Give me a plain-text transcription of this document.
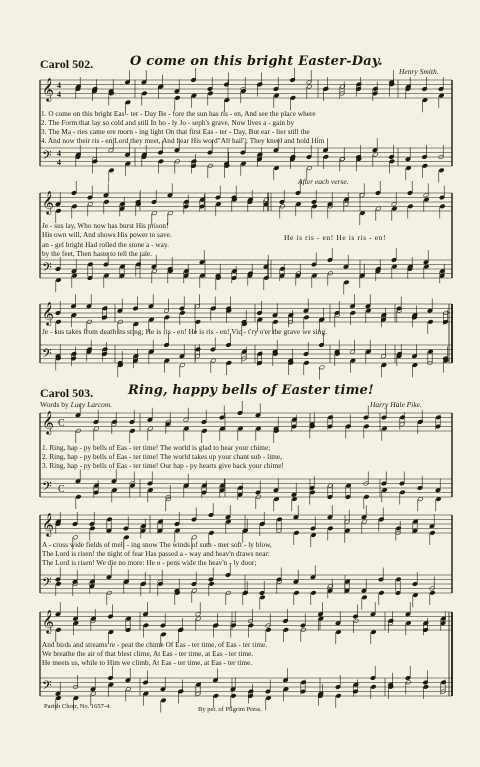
Carol 502.	O come on this bright Easter-Day.
Henry Smith.
𝄞
𝄢
4
4
4
4
1. O come on this bright Eas - ter - Day Be - fore the sun has ris - en, And see the place where
2. The Form that lay so cold and still In ho - ly Jo - seph's grave, Now lives a - gain by
3. The Ma - ries came ere morn - ing light On that first Eas - ter - Day, But ear - lier still the
4. And now their ris - en Lord they meet, And hear His word"All hail"; They kneel and hold Him
After each verse.
𝄞
𝄢
Je - sus lay, Who now has burst His prison!
His own will, And shows His power to save.
an - gel bright Had rolled the stone a - way.
by the feet, Then haste to tell the tale.
He is ris - en! He is ris - en!
𝄞
𝄢
Je - sus takes from death its sting; He is ris - en! He is ris - en! Vic - t'ry o'er the grave we sing.
Carol 503.	Ring, happy bells of Easter time!
Words by Lucy Larcom.	Harry Hale Pike.
𝄞
𝄢
C
C
1. Ring, hap - py bells of Eas - ter time! The world is glad to hear your chime;
2. Ring, hap - py bells of Eas - ter time! The world takes up your chant sub - lime,
3. Ring, hap - py bells of Eas - ter time! Our hap - py hearts give back your chime!
𝄞
𝄢
A - cross wide fields of melt - ing snow The winds of sum - mer soft - ly blow,
The Lord is risen! the night of fear Has passed a - way and heav'n draws near:
The Lord is risen! We die no more: He o - pens wide the heav'n - ly door;
𝄞
𝄢
And birds and streams re - peat the chime Of Eas - ter time, of Eas - ter time.
We breathe the air of that blest clime, At Eas - ter time, at Eas - ter time.
He meets us, while to Him we climb, At Eas - ter time, at Eas - ter time.
Parish Choir, No. 1657-4.	By per. of Pilgrim Press.
